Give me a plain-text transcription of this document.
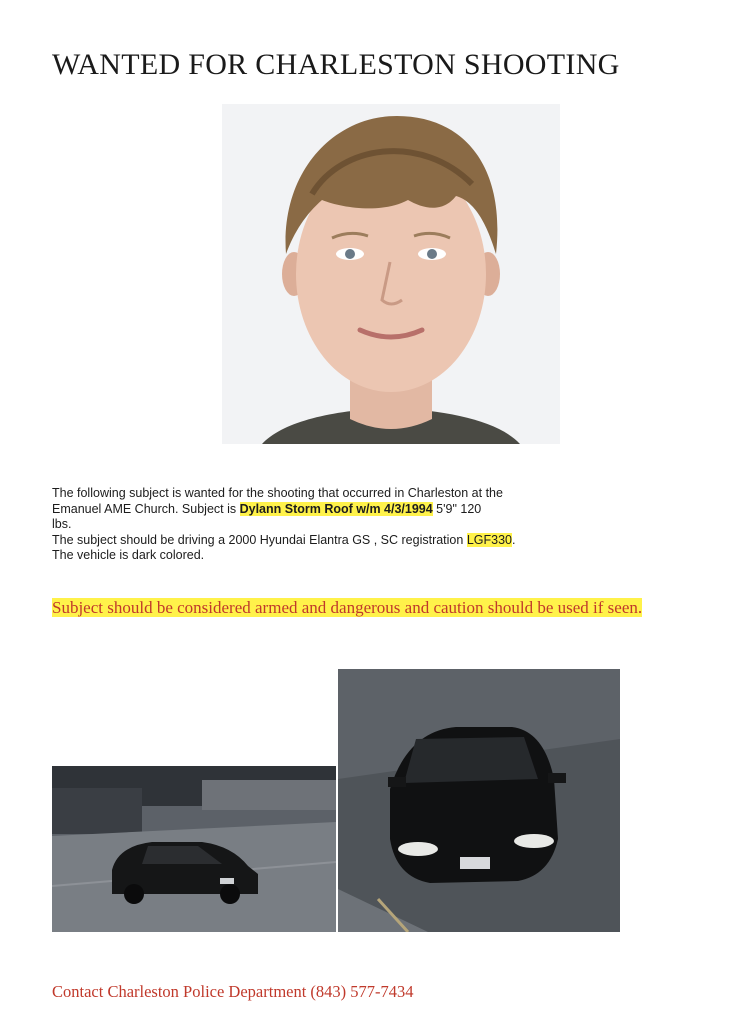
WANTED FOR CHARLESTON SHOOTING
The following subject is wanted for the shooting that occurred in Charleston at the
Emanuel AME Church. Subject is Dylann Storm Roof w/m 4/3/1994 5'9" 120
lbs.
The subject should be driving a 2000 Hyundai Elantra GS , SC registration LGF330.
The vehicle is dark colored.
Subject should be considered armed and dangerous and caution should be used if seen.
Contact Charleston Police Department (843) 577-7434
